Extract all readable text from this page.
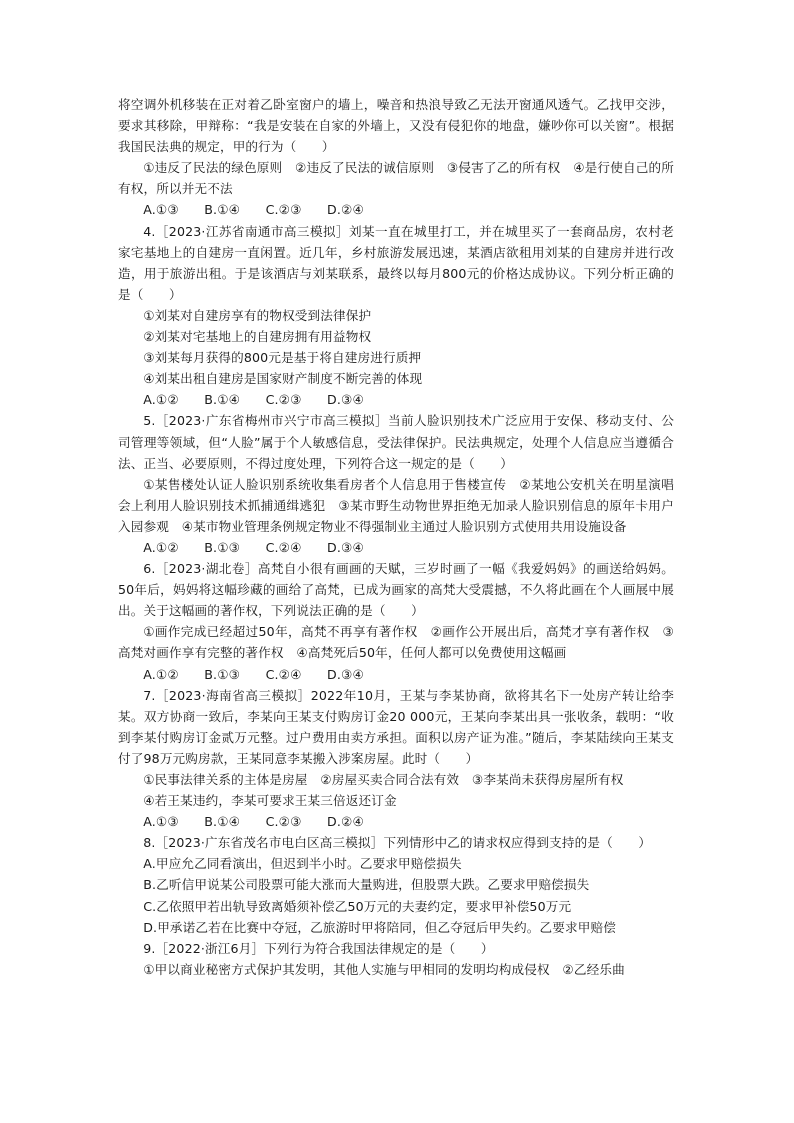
将空调外机移装在正对着乙卧室窗户的墙上，噪音和热浪导致乙无法开窗通风透气。乙找甲交涉，要求其移除，甲辩称：“我是安装在自家的外墙上，又没有侵犯你的地盘，嫌吵你可以关窗”。根据我国民法典的规定，甲的行为（　　）

①违反了民法的绿色原则　②违反了民法的诚信原则　③侵害了乙的所有权　④是行使自己的所有权，所以并无不法

A.①③　　B.①④　　C.②③　　D.②④

4.［2023·江苏省南通市高三模拟］刘某一直在城里打工，并在城里买了一套商品房，农村老家宅基地上的自建房一直闲置。近几年，乡村旅游发展迅速，某酒店欲租用刘某的自建房并进行改造，用于旅游出租。于是该酒店与刘某联系，最终以每月800元的价格达成协议。下列分析正确的是（　　）

①刘某对自建房享有的物权受到法律保护

②刘某对宅基地上的自建房拥有用益物权

③刘某每月获得的800元是基于将自建房进行质押

④刘某出租自建房是国家财产制度不断完善的体现

A.①②　　B.①④　　C.②③　　D.③④

5.［2023·广东省梅州市兴宁市高三模拟］当前人脸识别技术广泛应用于安保、移动支付、公司管理等领域，但“人脸”属于个人敏感信息，受法律保护。民法典规定，处理个人信息应当遵循合法、正当、必要原则，不得过度处理，下列符合这一规定的是（　　）

①某售楼处认证人脸识别系统收集看房者个人信息用于售楼宣传　②某地公安机关在明星演唱会上利用人脸识别技术抓捕通缉逃犯　③某市野生动物世界拒绝无加录人脸识别信息的原年卡用户入园参观　④某市物业管理条例规定物业不得强制业主通过人脸识别方式使用共用设施设备

A.①②　　B.①③　　C.②④　　D.③④

6.［2023·湖北卷］高梵自小很有画画的天赋，三岁时画了一幅《我爱妈妈》的画送给妈妈。50年后，妈妈将这幅珍藏的画给了高梵，已成为画家的高梵大受震撼，不久将此画在个人画展中展出。关于这幅画的著作权，下列说法正确的是（　　）

①画作完成已经超过50年，高梵不再享有著作权　②画作公开展出后，高梵才享有著作权　③高梵对画作享有完整的著作权　④高梵死后50年，任何人都可以免费使用这幅画

A.①②　　B.①③　　C.②④　　D.③④

7.［2023·海南省高三模拟］2022年10月，王某与李某协商，欲将其名下一处房产转让给李某。双方协商一致后，李某向王某支付购房订金20 000元，王某向李某出具一张收条，载明：“收到李某付购房订金贰万元整。过户费用由卖方承担。面积以房产证为准。”随后，李某陆续向王某支付了98万元购房款，王某同意李某搬入涉案房屋。此时（　　）

①民事法律关系的主体是房屋　②房屋买卖合同合法有效　③李某尚未获得房屋所有权

④若王某违约，李某可要求王某三倍返还订金

A.①③　　B.①④　　C.②③　　D.②④

8.［2023·广东省茂名市电白区高三模拟］下列情形中乙的请求权应得到支持的是（　　）

A.甲应允乙同看演出，但迟到半小时。乙要求甲赔偿损失

B.乙听信甲说某公司股票可能大涨而大量购进，但股票大跌。乙要求甲赔偿损失

C.乙依照甲若出轨导致离婚须补偿乙50万元的夫妻约定，要求甲补偿50万元

D.甲承诺乙若在比赛中夺冠，乙旅游时甲将陪同，但乙夺冠后甲失约。乙要求甲赔偿

9.［2022·浙江6月］下列行为符合我国法律规定的是（　　）

①甲以商业秘密方式保护其发明，其他人实施与甲相同的发明均构成侵权　②乙经乐曲
